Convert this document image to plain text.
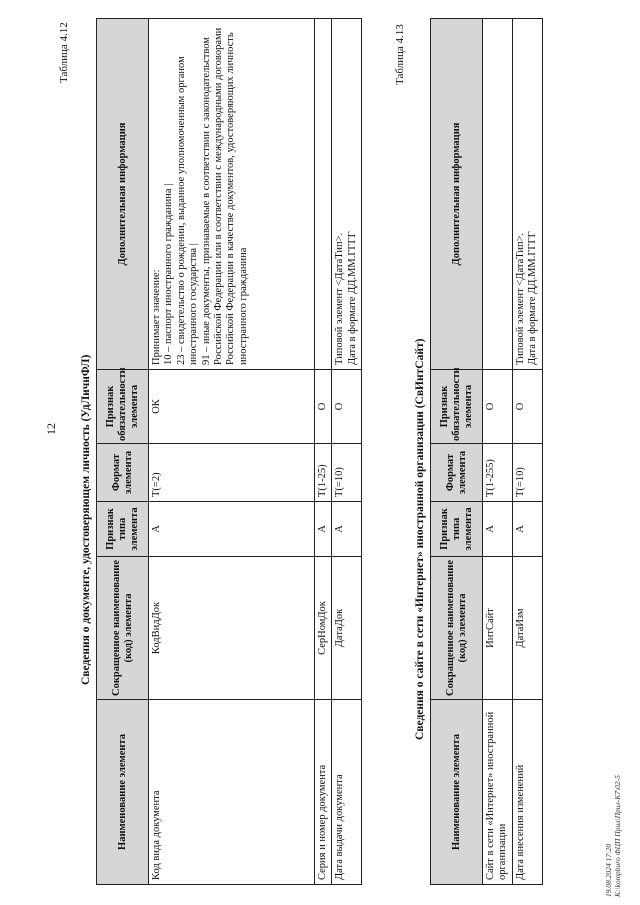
12
Таблица 4.12
Сведения о документе, удостоверяющем личность (УдЛичнФЛ)
Наименование элемента	Сокращенное наименование (код) элемента	Признак типа элемента	Формат элемента	Признак обязательности элемента	Дополнительная информация
Код вида документа	КодВидДок	А	T(=2)	ОК	Принимает значение:
10 – паспорт иностранного гражданина |
23 – свидетельство о рождении, выданное уполномоченным органом иностранного государства |
91 – иные документы, признаваемые в соответствии с законодательством Российской Федерации или в соответствии с международными договорами Российской Федерации в качестве документов, удостоверяющих личность иностранного гражданина
Серия и номер документа	СерНомДок	А	T(1-25)	О	
Дата выдачи документа	ДатаДок	А	T(=10)	О	Типовой элемент <ДатаТип>.
Дата в формате ДД.ММ.ГГГГ
Таблица 4.13
Сведения о сайте в сети «Интернет» иностранной организации (СвИнтСайт)
Наименование элемента	Сокращенное наименование (код) элемента	Признак типа элемента	Формат элемента	Признак обязательности элемента	Дополнительная информация
Сайт в сети «Интернет» иностранной организации	ИнтСайт	А	T(1-255)	О	
Дата внесения изменений	ДатаИзм	А	T(=10)	О	Типовой элемент <ДатаТип>.
Дата в формате ДД.ММ.ГГГГ
19.08.2024 17:20 К:\kompburo ФЦП Прил\Прил-К7\02-5
